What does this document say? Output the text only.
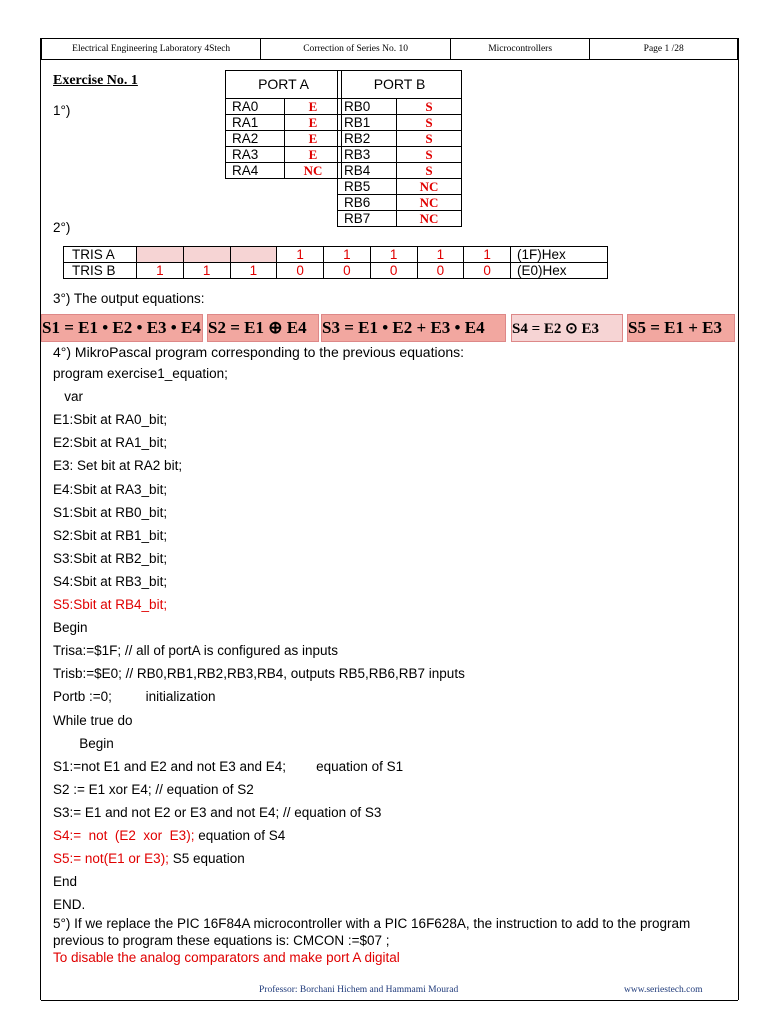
Electrical Engineering Laboratory 4Stech	Correction of Series No. 10	Microcontrollers	Page 1 /28
Exercise No. 1
1°)
PORT A	
RA0	E
RA1	E
RA2	E
RA3	E
RA4	NC
PORT B	
RB0	S
RB1	S
RB2	S
RB3	S
RB4	S
RB5	NC
RB6	NC
RB7	NC
2°)
TRIS A				1	1	1	1	1	(1F)Hex
TRIS B	1	1	1	0	0	0	0	0	(E0)Hex
3°) The output equations:
S1 = E1 • E2 • E3 • E4 S2 = E1 ⊕ E4 S3 = E1 • E2 + E3 • E4 S4 = E2 ⊙ E3 S5 = E1 + E3
4°) MikroPascal program corresponding to the previous equations:
program exercise1_equation;
var
E1:Sbit at RA0_bit;
E2:Sbit at RA1_bit;
E3: Set bit at RA2 bit;
E4:Sbit at RA3_bit;
S1:Sbit at RB0_bit;
S2:Sbit at RB1_bit;
S3:Sbit at RB2_bit;
S4:Sbit at RB3_bit;
S5:Sbit at RB4_bit;
Begin
Trisa:=$1F; // all of portA is configured as inputs
Trisb:=$E0; // RB0,RB1,RB2,RB3,RB4, outputs RB5,RB6,RB7 inputs
Portb :=0;         initialization
While true do
Begin
S1:=not E1 and E2 and not E3 and E4;        equation of S1
S2 := E1 xor E4; // equation of S2
S3:= E1 and not E2 or E3 and not E4; // equation of S3
S4:=  not  (E2  xor  E3); equation of S4
S5:= not(E1 or E3); S5 equation
End
END.
5°) If we replace the PIC 16F84A microcontroller with a PIC 16F628A, the instruction to add to the program
previous to program these equations is: CMCON :=$07 ;
To disable the analog comparators and make port A digital
Professor: Borchani Hichem and Hammami Mourad	www.seriestech.com
